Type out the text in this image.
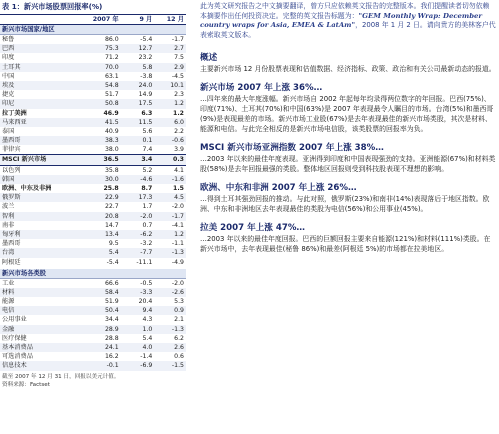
表 1：新兴市场股票回报率(%)
2007 年	9 月	12 月
新兴市场国家/地区
秘鲁	86.0	-5.4	-1.7
巴西	75.3	12.7	2.7
印度	71.2	23.2	7.5
土耳其	70.0	5.8	2.9
中国	63.1	-3.8	-4.5
埃及	54.8	24.0	10.1
捷克	51.7	14.9	2.3
印尼	50.8	17.5	1.2
拉丁美洲	46.9	6.3	1.2
马来西亚	41.5	11.5	6.0
泰国	40.9	5.6	2.2
墨西哥	38.3	0.1	-0.6
菲律宾	38.0	7.4	3.9
MSCI 新兴市场	36.5	3.4	0.3
以色列	35.8	5.2	4.1
韩国	30.0	-4.6	-1.6
欧洲、中东及非洲	25.8	8.7	1.5
俄罗斯	22.9	17.3	4.5
波兰	22.7	1.7	-2.0
智利	20.8	-2.0	-1.7
南非	14.7	0.7	-4.1
匈牙利	13.4	-6.2	1.2
墨西哥	9.5	-3.2	-1.1
台湾	5.4	-7.7	-1.3
阿根廷	-5.4	-11.1	-4.9
新兴市场各类股
工业	66.6	-0.5	-2.0
材料	58.4	-3.3	-2.6
能源	51.9	20.4	5.3
电信	50.4	9.4	0.9
公用事业	34.4	4.3	2.1
金融	28.9	1.0	-1.3
医疗保健	28.8	5.4	6.2
基本消费品	24.1	4.0	2.6
可选消费品	16.2	-1.4	0.6
信息技术	-0.1	-6.9	-1.5
截至 2007 年 12 月 31 日，回报以美元计值。
资料来源：Factset

此为英文研究报告之中文摘要翻译，曾方只应依赖英文报告的完整版本。我们提醒读者切勿依赖本摘要作出任何投资决定。完整的英文报告标题为："GEM Monthly Wrap: December country wraps for Asia, EMEA & LatAm"，2008 年 1 月 2 日。请向贵方的美林客户代表索取英文版本。

概述

主要新兴市场 12 月份股票表现和估值数据、经济指标、政策、政治和有关公司最新动态的报道。

新兴市场 2007 年上涨 36%…

…四年来的最大年度涨幅。新兴市场自 2002 年起每年均录得两位数字的年回报。巴西(75%)、印度(71%)、土耳其(70%)和中国(63%)是 2007 年表现最令人瞩目的市场。台湾(5%)和墨西哥(9%)是表现最差的市场。新兴市场工业股(67%)是去年表现最佳的新兴市场类股，其次是材料、能源和电信。与此完全相反的是新兴市场电信股，该类股票的回报率为负。

MSCI 新兴市场亚洲指数 2007 年上涨 38%…

…2003 年以来的最佳年度表现。亚洲得到印度和中国表现强劲的支持。亚洲能源(67%)和材料类股(58%)是去年回报最强的类股。整体地区回报则受到科技股表现不理想的影响。

欧洲、中东和非洲 2007 年上涨 26%…

…得到土耳其强劲回报的推动。与此对照，俄罗斯(23%)和南非(14%)表现落后于地区指数。欧洲、中东和非洲地区去年表现最佳的类股为电信(56%)和公用事业(45%)。

拉美 2007 年上涨 47%…

…2003 年以来的最佳年度回报。巴西的巨额回报主要来自能源(121%)和材料(111%)类股。在新兴市场中，去年表现最佳(秘鲁 86%)和最差(阿根廷 5%)的市场都在拉美地区。
